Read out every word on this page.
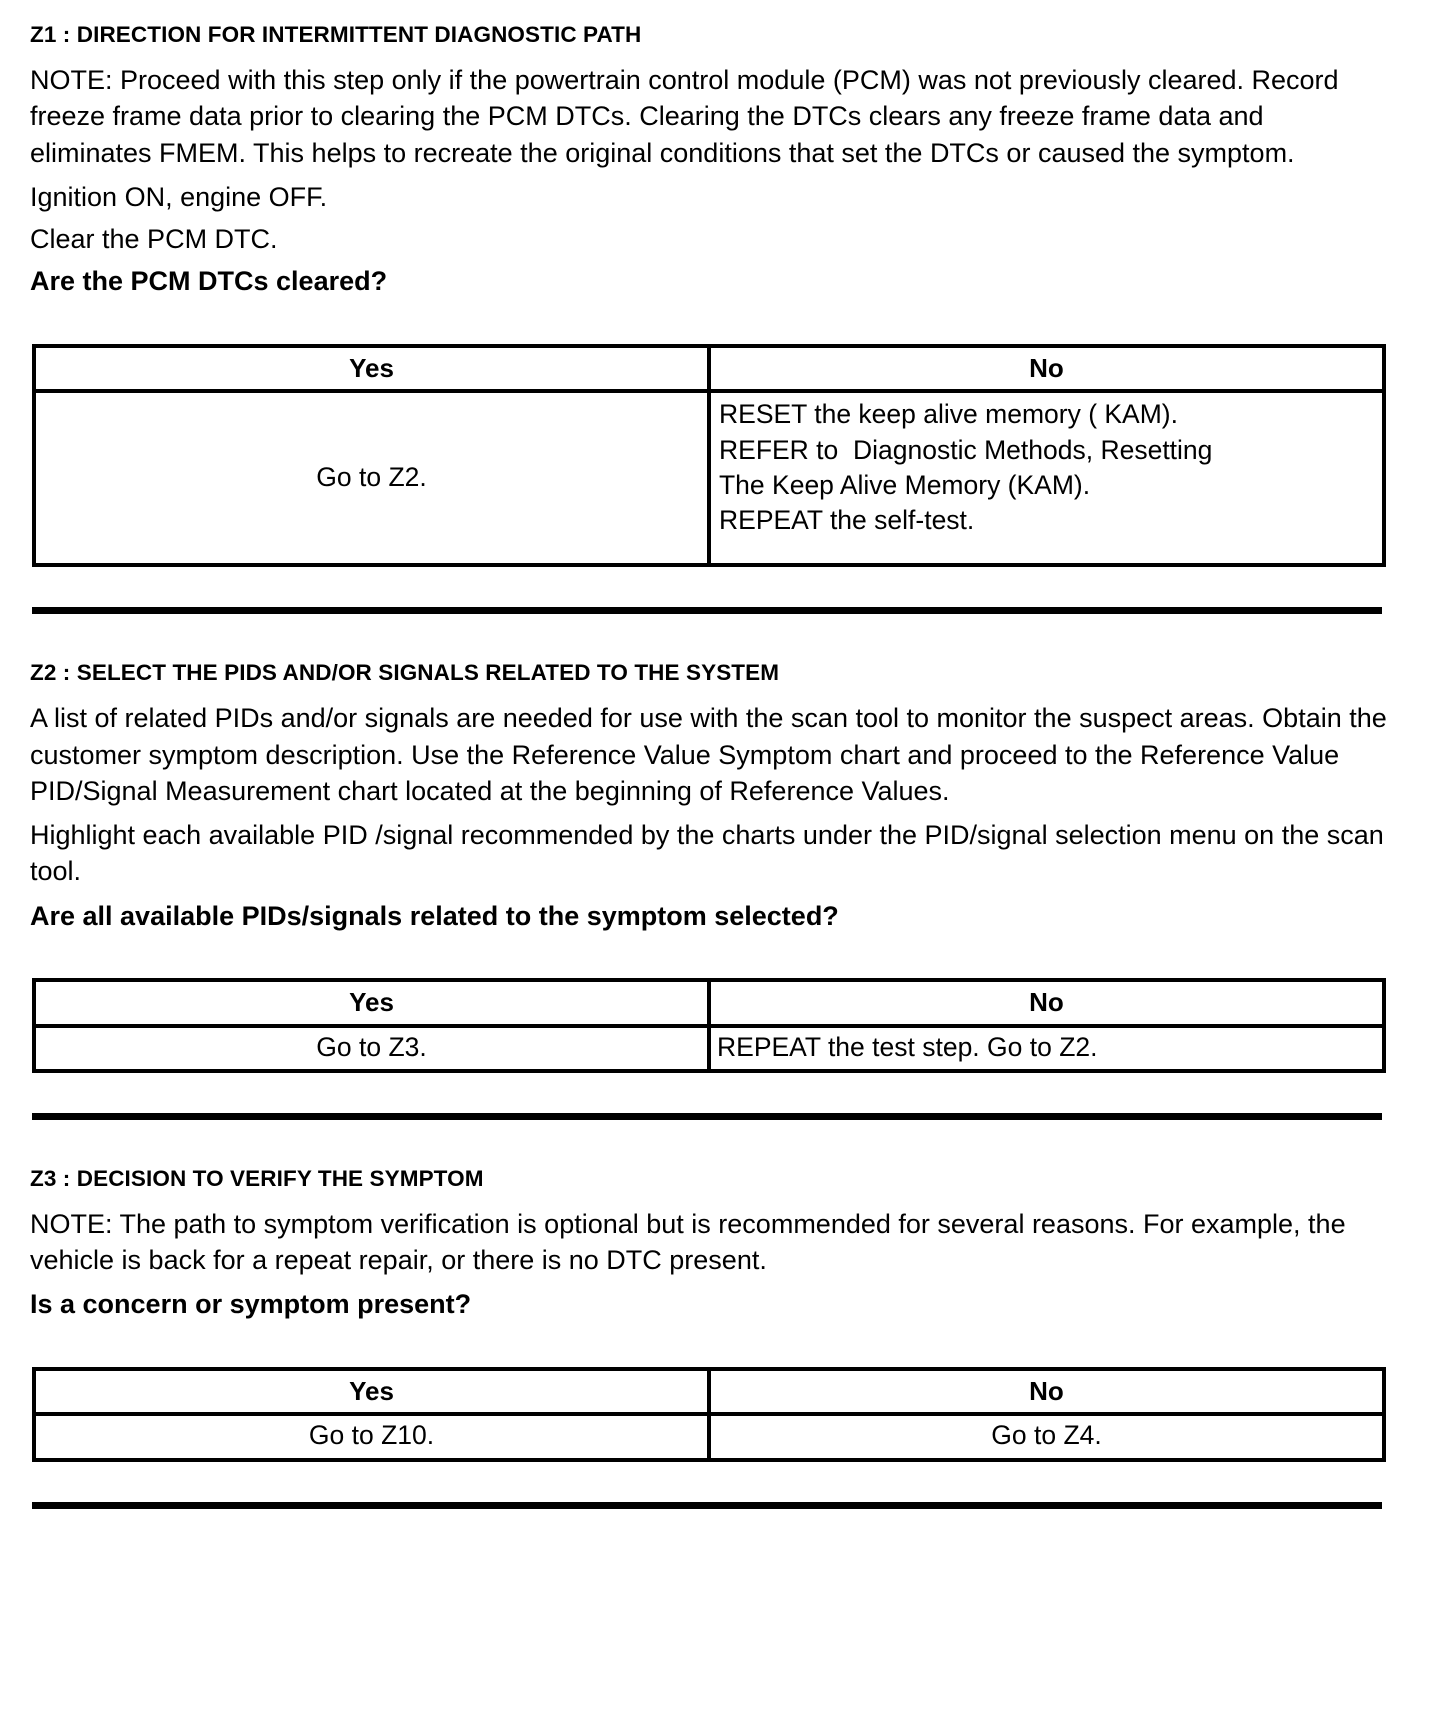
Z1 : DIRECTION FOR INTERMITTENT DIAGNOSTIC PATH

NOTE: Proceed with this step only if the powertrain control module (PCM) was not previously cleared. Record freeze frame data prior to clearing the PCM DTCs. Clearing the DTCs clears any freeze frame data and eliminates FMEM. This helps to recreate the original conditions that set the DTCs or caused the symptom.

Ignition ON, engine OFF.

Clear the PCM DTC.

Are the PCM DTCs cleared?

Yes	No
Go to Z2.	RESET the keep alive memory ( KAM).
REFER to  Diagnostic Methods, Resetting
The Keep Alive Memory (KAM).
REPEAT the self-test.
Z2 : SELECT THE PIDS AND/OR SIGNALS RELATED TO THE SYSTEM

A list of related PIDs and/or signals are needed for use with the scan tool to monitor the suspect areas. Obtain the customer symptom description. Use the Reference Value Symptom chart and proceed to the Reference Value PID/Signal Measurement chart located at the beginning of Reference Values.

Highlight each available PID /signal recommended by the charts under the PID/signal selection menu on the scan tool.

Are all available PIDs/signals related to the symptom selected?

Yes	No
Go to Z3.	REPEAT the test step. Go to Z2.
Z3 : DECISION TO VERIFY THE SYMPTOM

NOTE: The path to symptom verification is optional but is recommended for several reasons. For example, the vehicle is back for a repeat repair, or there is no DTC present.

Is a concern or symptom present?

Yes	No
Go to Z10.	Go to Z4.
